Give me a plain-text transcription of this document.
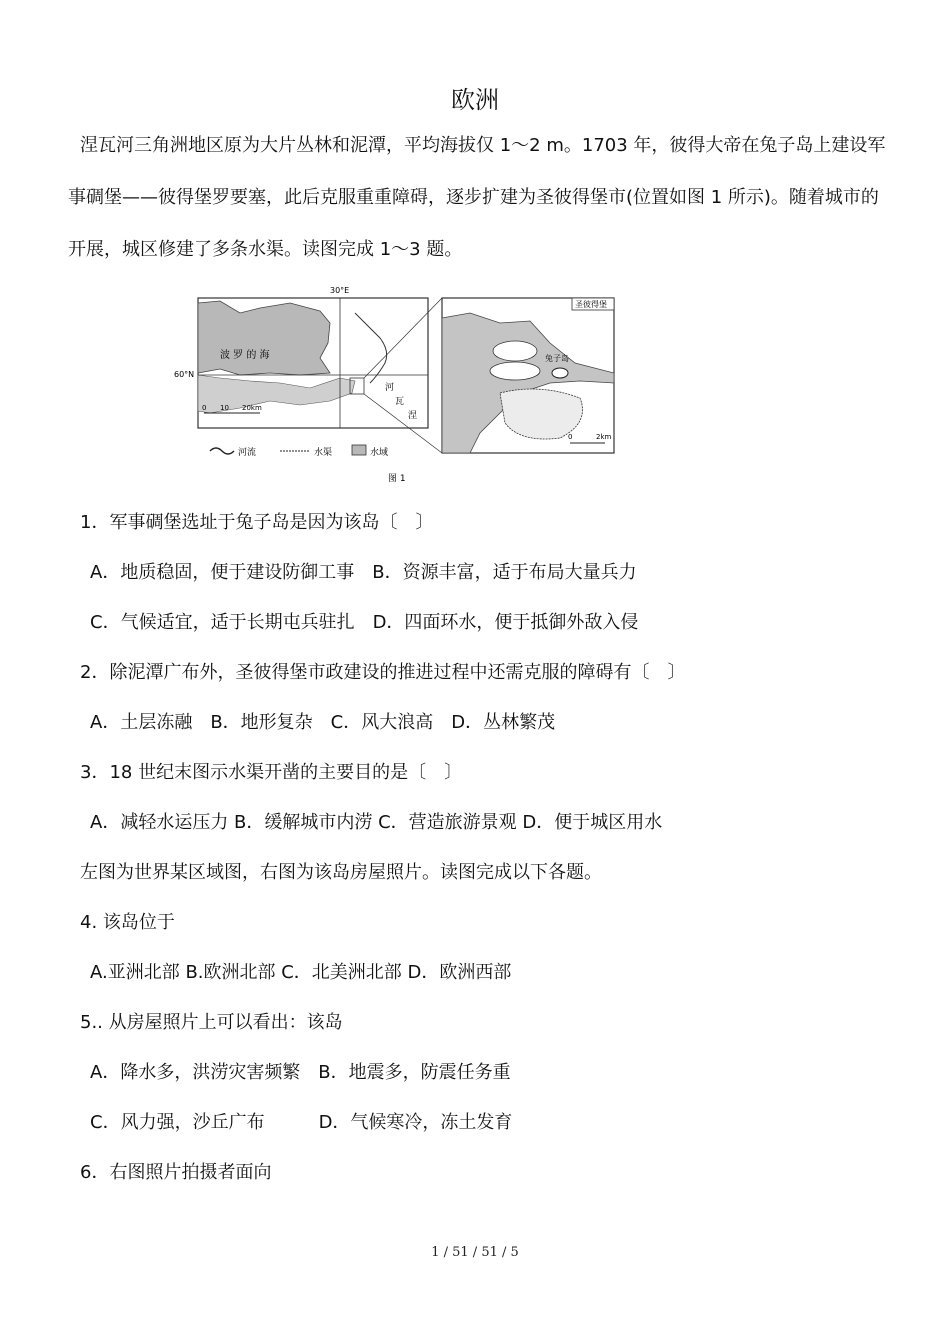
欧洲
涅瓦河三角洲地区原为大片丛林和泥潭，平均海拔仅 1～2 m。1703 年，彼得大帝在兔子岛上建设军事碉堡——彼得堡罗要塞，此后克服重重障碍，逐步扩建为圣彼得堡市(位置如图 1 所示)。随着城市的开展，城区修建了多条水渠。读图完成 1～3 题。
30°E
60°N
波 罗 的 海
河
瓦
涅
0 10 20km
河流	水渠	水域
圣彼得堡
兔子岛
0	2km
图 1
1．军事碉堡选址于兔子岛是因为该岛〔　〕
A．地质稳固，便于建设防御工事　B．资源丰富，适于布局大量兵力
C．气候适宜，适于长期屯兵驻扎　D．四面环水，便于抵御外敌入侵
2．除泥潭广布外，圣彼得堡市政建设的推进过程中还需克服的障碍有〔　〕
A．土层冻融　B．地形复杂　C．风大浪高　D．丛林繁茂
3．18 世纪末图示水渠开凿的主要目的是〔　〕
A．减轻水运压力 B．缓解城市内涝 C．营造旅游景观 D．便于城区用水
左图为世界某区域图，右图为该岛房屋照片。读图完成以下各题。
4. 该岛位于
A.亚洲北部 B.欧洲北部 C．北美洲北部 D．欧洲西部
5.. 从房屋照片上可以看出：该岛
A．降水多，洪涝灾害频繁　B．地震多，防震任务重
C．风力强，沙丘广布　　　D．气候寒冷，冻土发育
6．右图照片拍摄者面向
1 / 51 / 51 / 5
